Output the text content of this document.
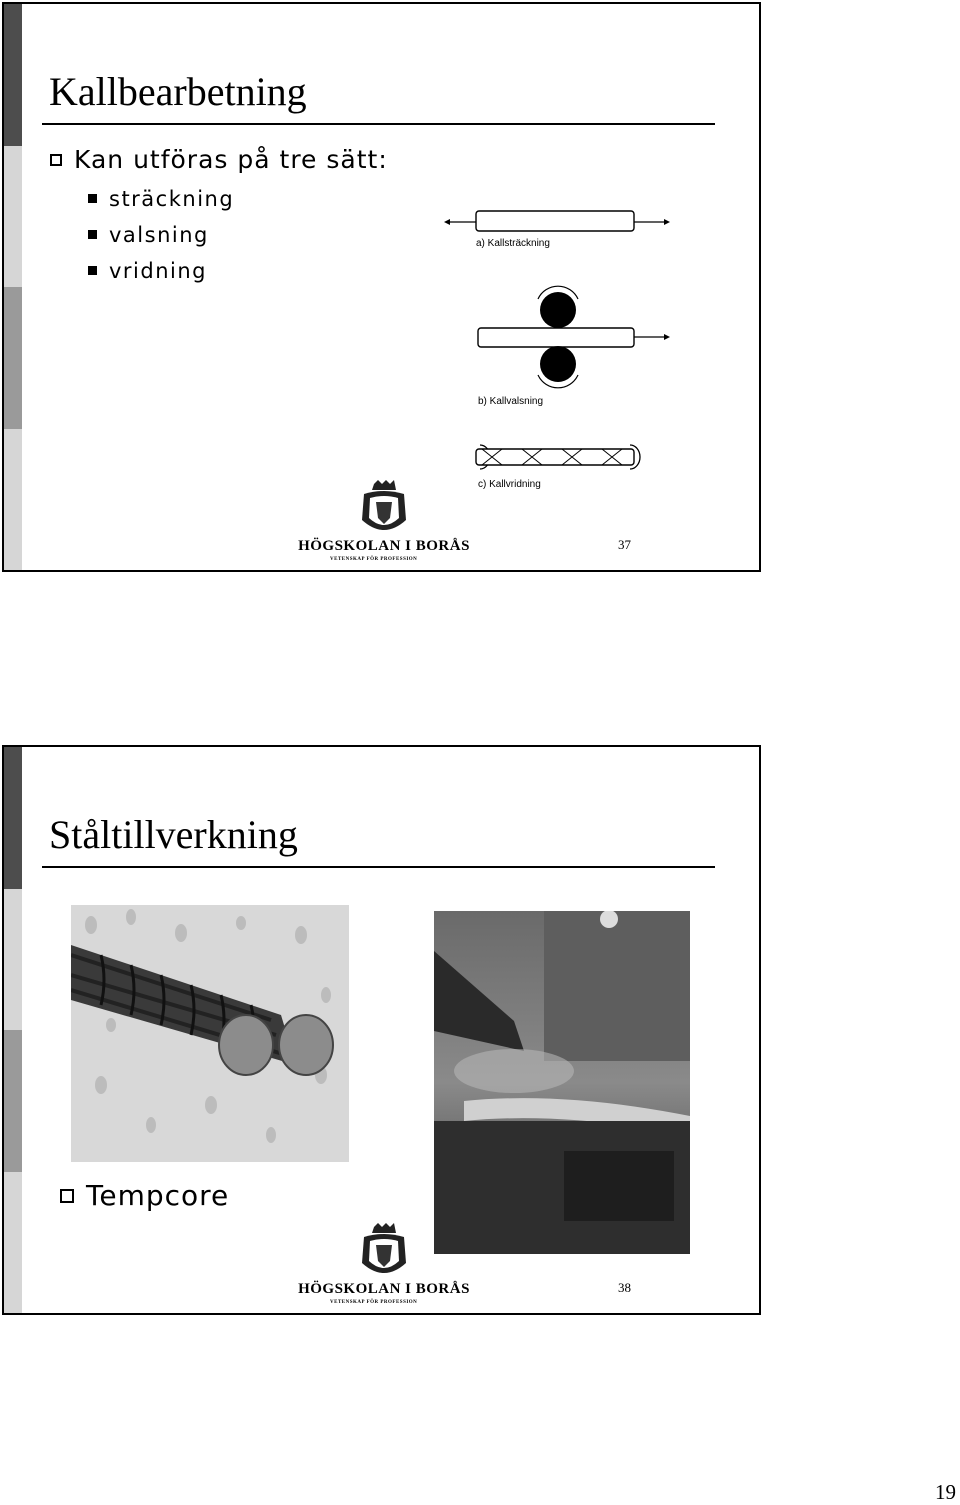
Kallbearbetning
Kan utföras på tre sätt:
sträckning
valsning
vridning
a) Kallsträckning
b) Kallvalsning
c) Kallvridning
HÖGSKOLAN I BORÅS
VETENSKAP FÖR PROFESSION
37
Ståltillverkning
Tempcore
HÖGSKOLAN I BORÅS
VETENSKAP FÖR PROFESSION
38
19
